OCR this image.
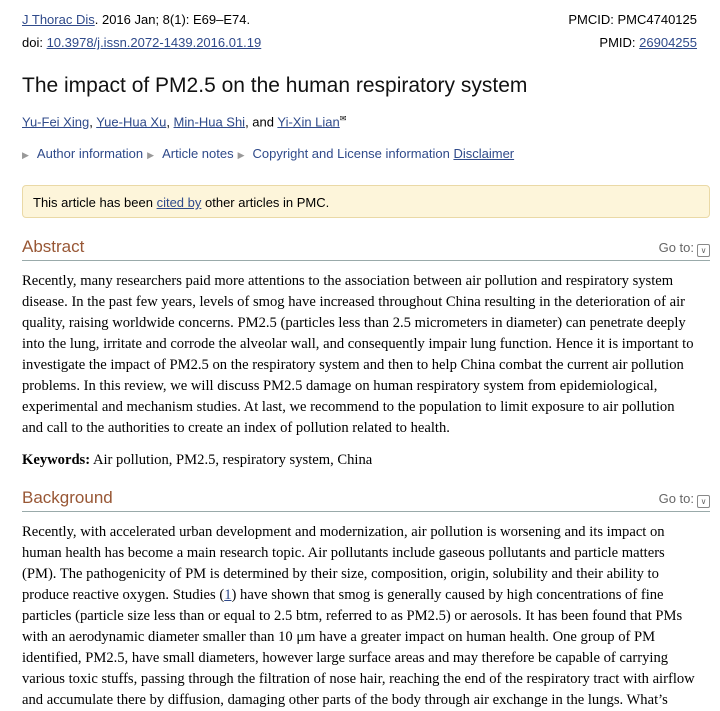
J Thorac Dis. 2016 Jan; 8(1): E69–E74.
doi: 10.3978/j.issn.2072-1439.2016.01.19
PMCID: PMC4740125
PMID: 26904255
The impact of PM2.5 on the human respiratory system
Yu-Fei Xing, Yue-Hua Xu, Min-Hua Shi, and Yi-Xin Lian✉
▶ Author information ▶ Article notes ▶ Copyright and License information Disclaimer
This article has been cited by other articles in PMC.
Abstract	Go to: ∨
Recently, many researchers paid more attentions to the association between air pollution and respiratory system
disease. In the past few years, levels of smog have increased throughout China resulting in the deterioration of air
quality, raising worldwide concerns. PM2.5 (particles less than 2.5 micrometers in diameter) can penetrate deeply
into the lung, irritate and corrode the alveolar wall, and consequently impair lung function. Hence it is important to
investigate the impact of PM2.5 on the respiratory system and then to help China combat the current air pollution
problems. In this review, we will discuss PM2.5 damage on human respiratory system from epidemiological,
experimental and mechanism studies. At last, we recommend to the population to limit exposure to air pollution
and call to the authorities to create an index of pollution related to health.
Keywords: Air pollution, PM2.5, respiratory system, China
Background	Go to: ∨
Recently, with accelerated urban development and modernization, air pollution is worsening and its impact on
human health has become a main research topic. Air pollutants include gaseous pollutants and particle matters
(PM). The pathogenicity of PM is determined by their size, composition, origin, solubility and their ability to
produce reactive oxygen. Studies (1) have shown that smog is generally caused by high concentrations of fine
particles (particle size less than or equal to 2.5 btm, referred to as PM2.5) or aerosols. It has been found that PMs
with an aerodynamic diameter smaller than 10 μm have a greater impact on human health. One group of PM
identified, PM2.5, have small diameters, however large surface areas and may therefore be capable of carrying
various toxic stuffs, passing through the filtration of nose hair, reaching the end of the respiratory tract with airflow
and accumulate there by diffusion, damaging other parts of the body through air exchange in the lungs. What’s
